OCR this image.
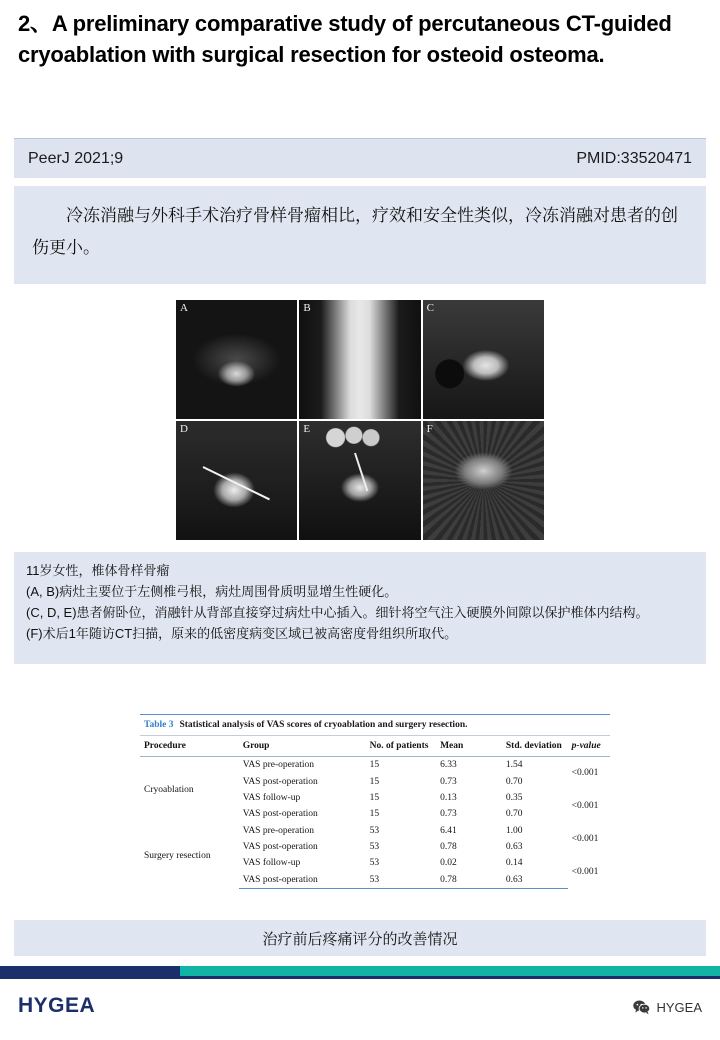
2、A preliminary comparative study of percutaneous CT-guided cryoablation with surgical resection for osteoid osteoma.
PeerJ 2021;9	PMID:33520471
冷冻消融与外科手术治疗骨样骨瘤相比，疗效和安全性类似，冷冻消融对患者的创伤更小。
A	B	C
D	E	F
11岁女性，椎体骨样骨瘤
(A, B)病灶主要位于左侧椎弓根，病灶周围骨质明显增生性硬化。
(C, D, E)患者俯卧位，消融针从背部直接穿过病灶中心插入。细针将空气注入硬膜外间隙以保护椎体内结构。
(F)术后1年随访CT扫描，原来的低密度病变区域已被高密度骨组织所取代。
Table 3 Statistical analysis of VAS scores of cryoablation and surgery resection.
Procedure	Group	No. of patients	Mean	Std. deviation	p-value
Cryoablation	VAS pre-operation	15	6.33	1.54	<0.001
	VAS post-operation	15	0.73	0.70	
	VAS follow-up	15	0.13	0.35	<0.001
	VAS post-operation	15	0.73	0.70	
Surgery resection	VAS pre-operation	53	6.41	1.00	<0.001
	VAS post-operation	53	0.78	0.63	
	VAS follow-up	53	0.02	0.14	<0.001
	VAS post-operation	53	0.78	0.63	
治疗前后疼痛评分的改善情况
HYGEA	HYGEA
